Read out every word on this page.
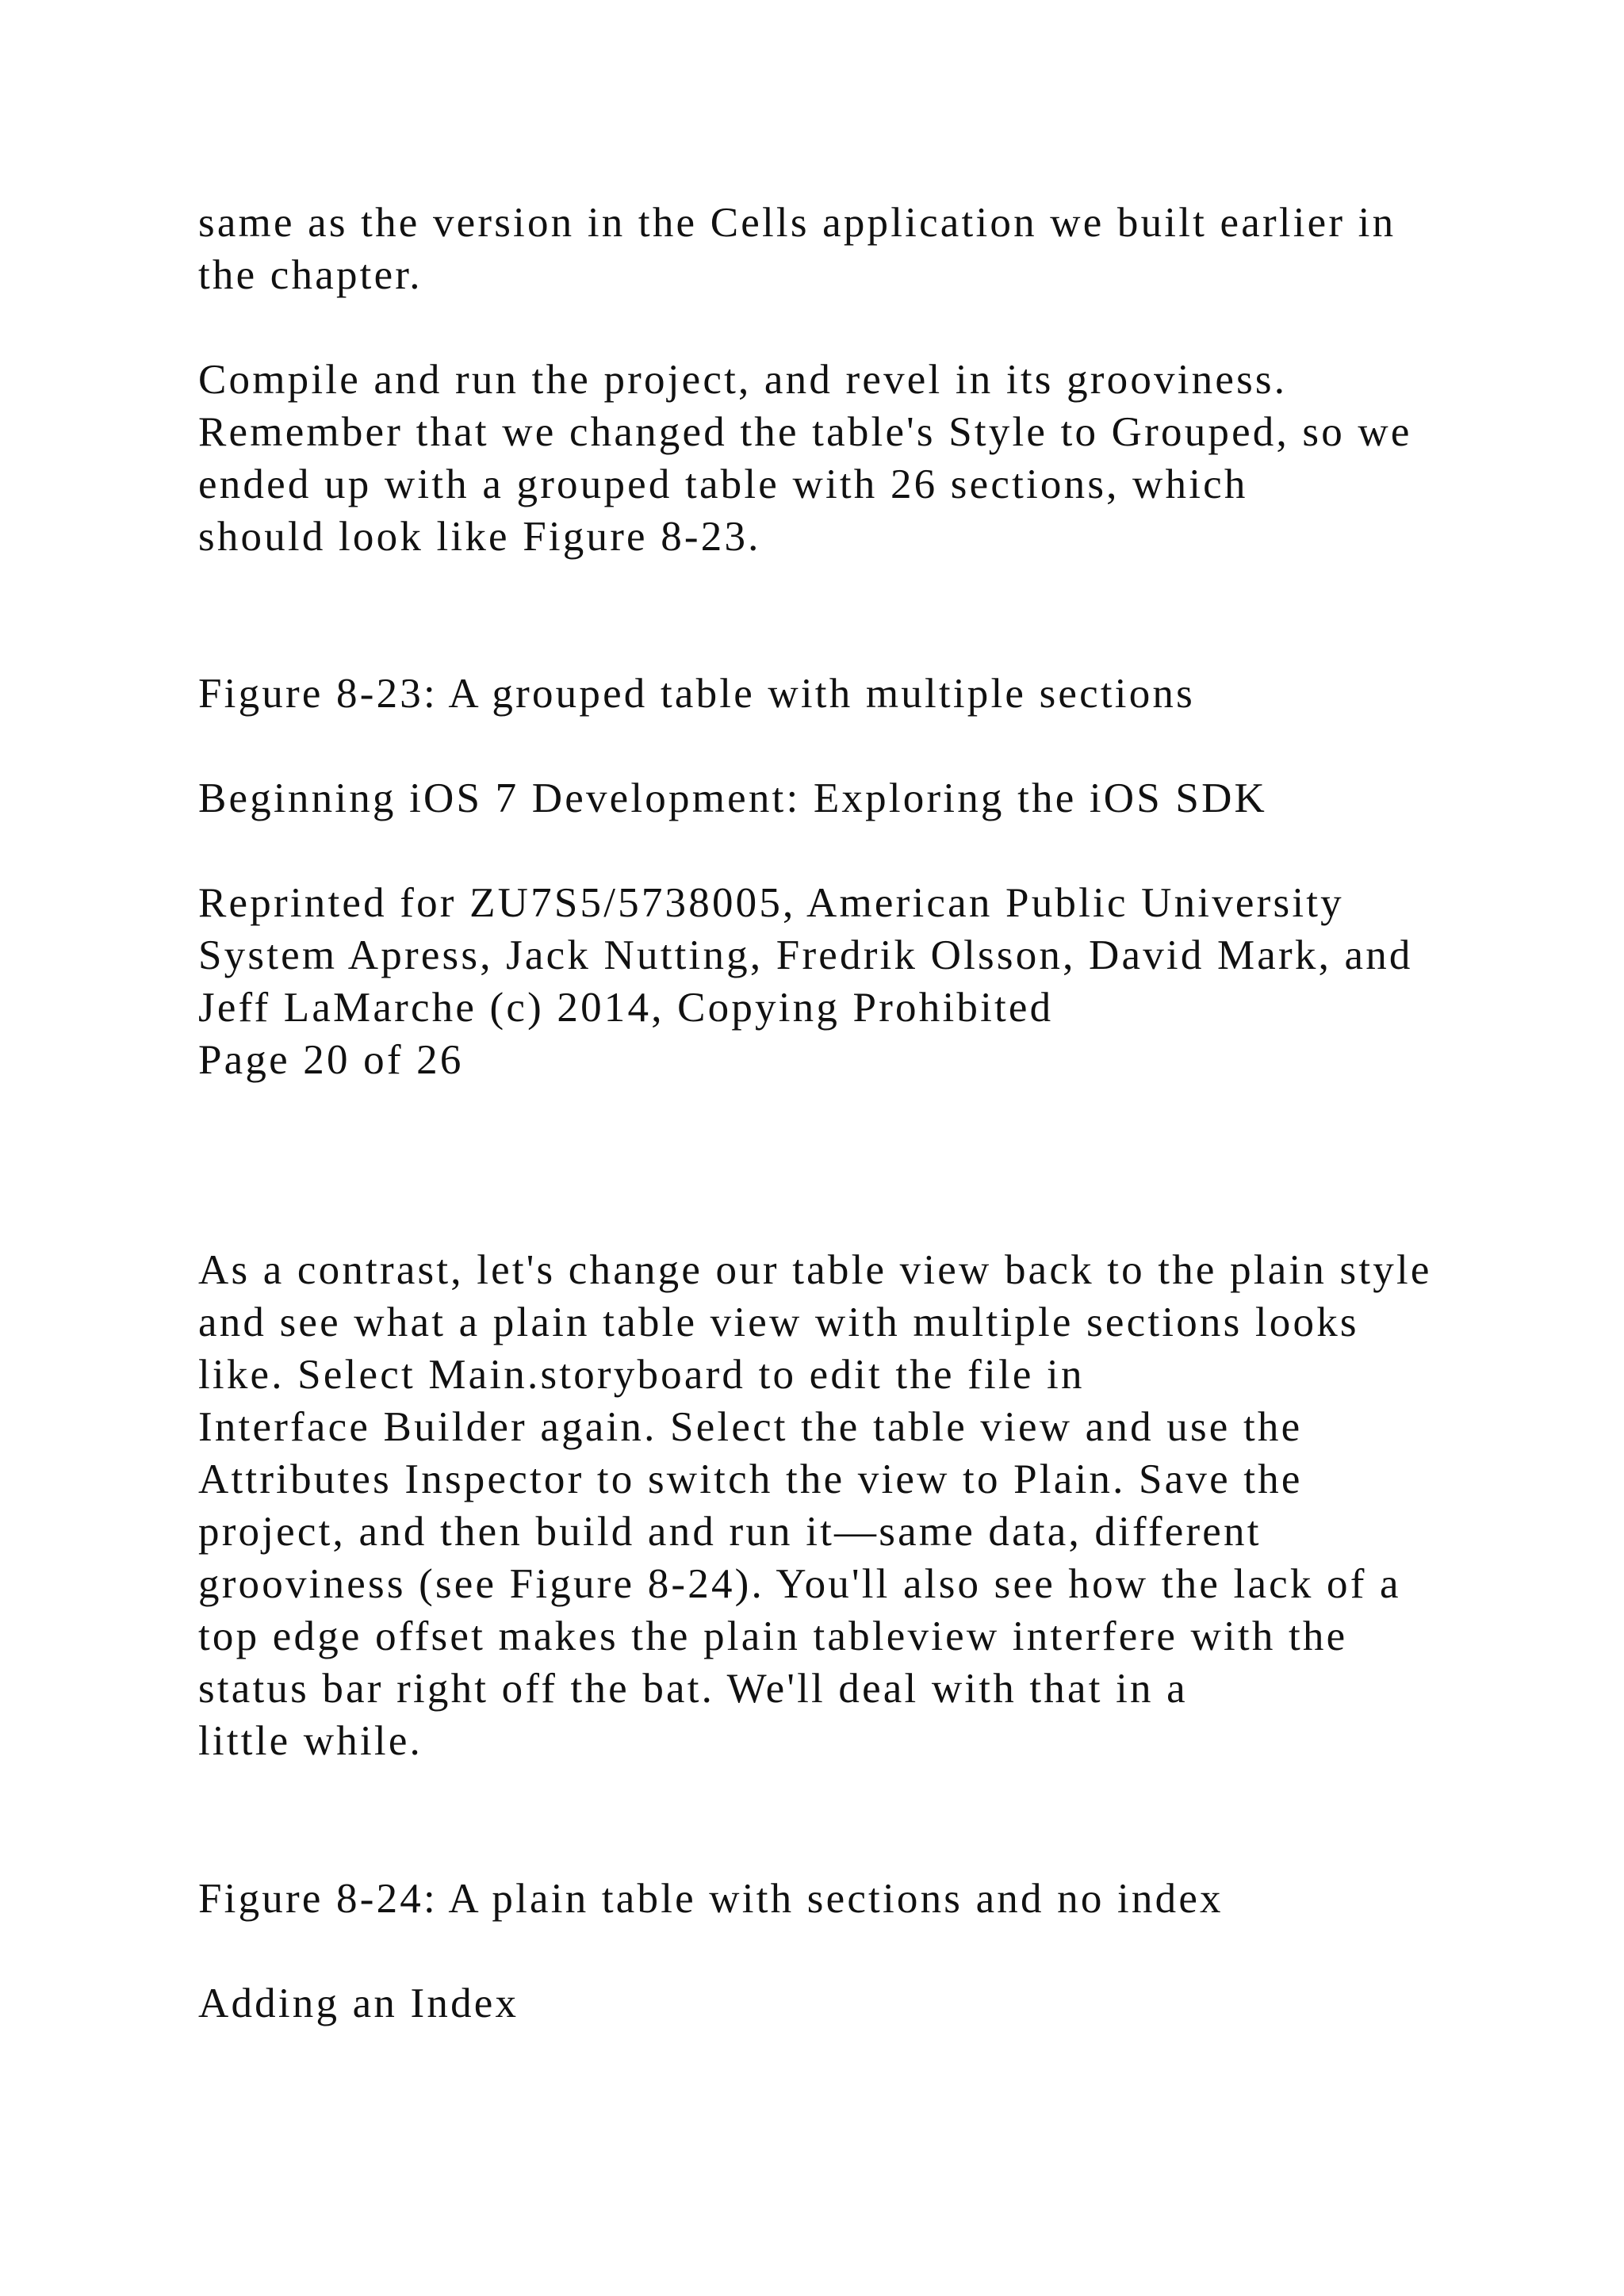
same as the version in the Cells application we built earlier in

the chapter.

Compile and run the project, and revel in its grooviness.

Remember that we changed the table's Style to Grouped, so we

ended up with a grouped table with 26 sections, which

should look like Figure 8-23.

Figure 8-23: A grouped table with multiple sections

Beginning iOS 7 Development: Exploring the iOS SDK

Reprinted for ZU7S5/5738005, American Public University

System Apress, Jack Nutting, Fredrik Olsson, David Mark, and

Jeff LaMarche (c) 2014, Copying Prohibited

Page 20 of 26

As a contrast, let's change our table view back to the plain style

and see what a plain table view with multiple sections looks

like. Select Main.storyboard to edit the file in

Interface Builder again. Select the table view and use the

Attributes Inspector to switch the view to Plain. Save the

project, and then build and run it—same data, different

grooviness (see Figure 8-24). You'll also see how the lack of a

top edge offset makes the plain tableview interfere with the

status bar right off the bat. We'll deal with that in a

little while.

Figure 8-24: A plain table with sections and no index

Adding an Index
